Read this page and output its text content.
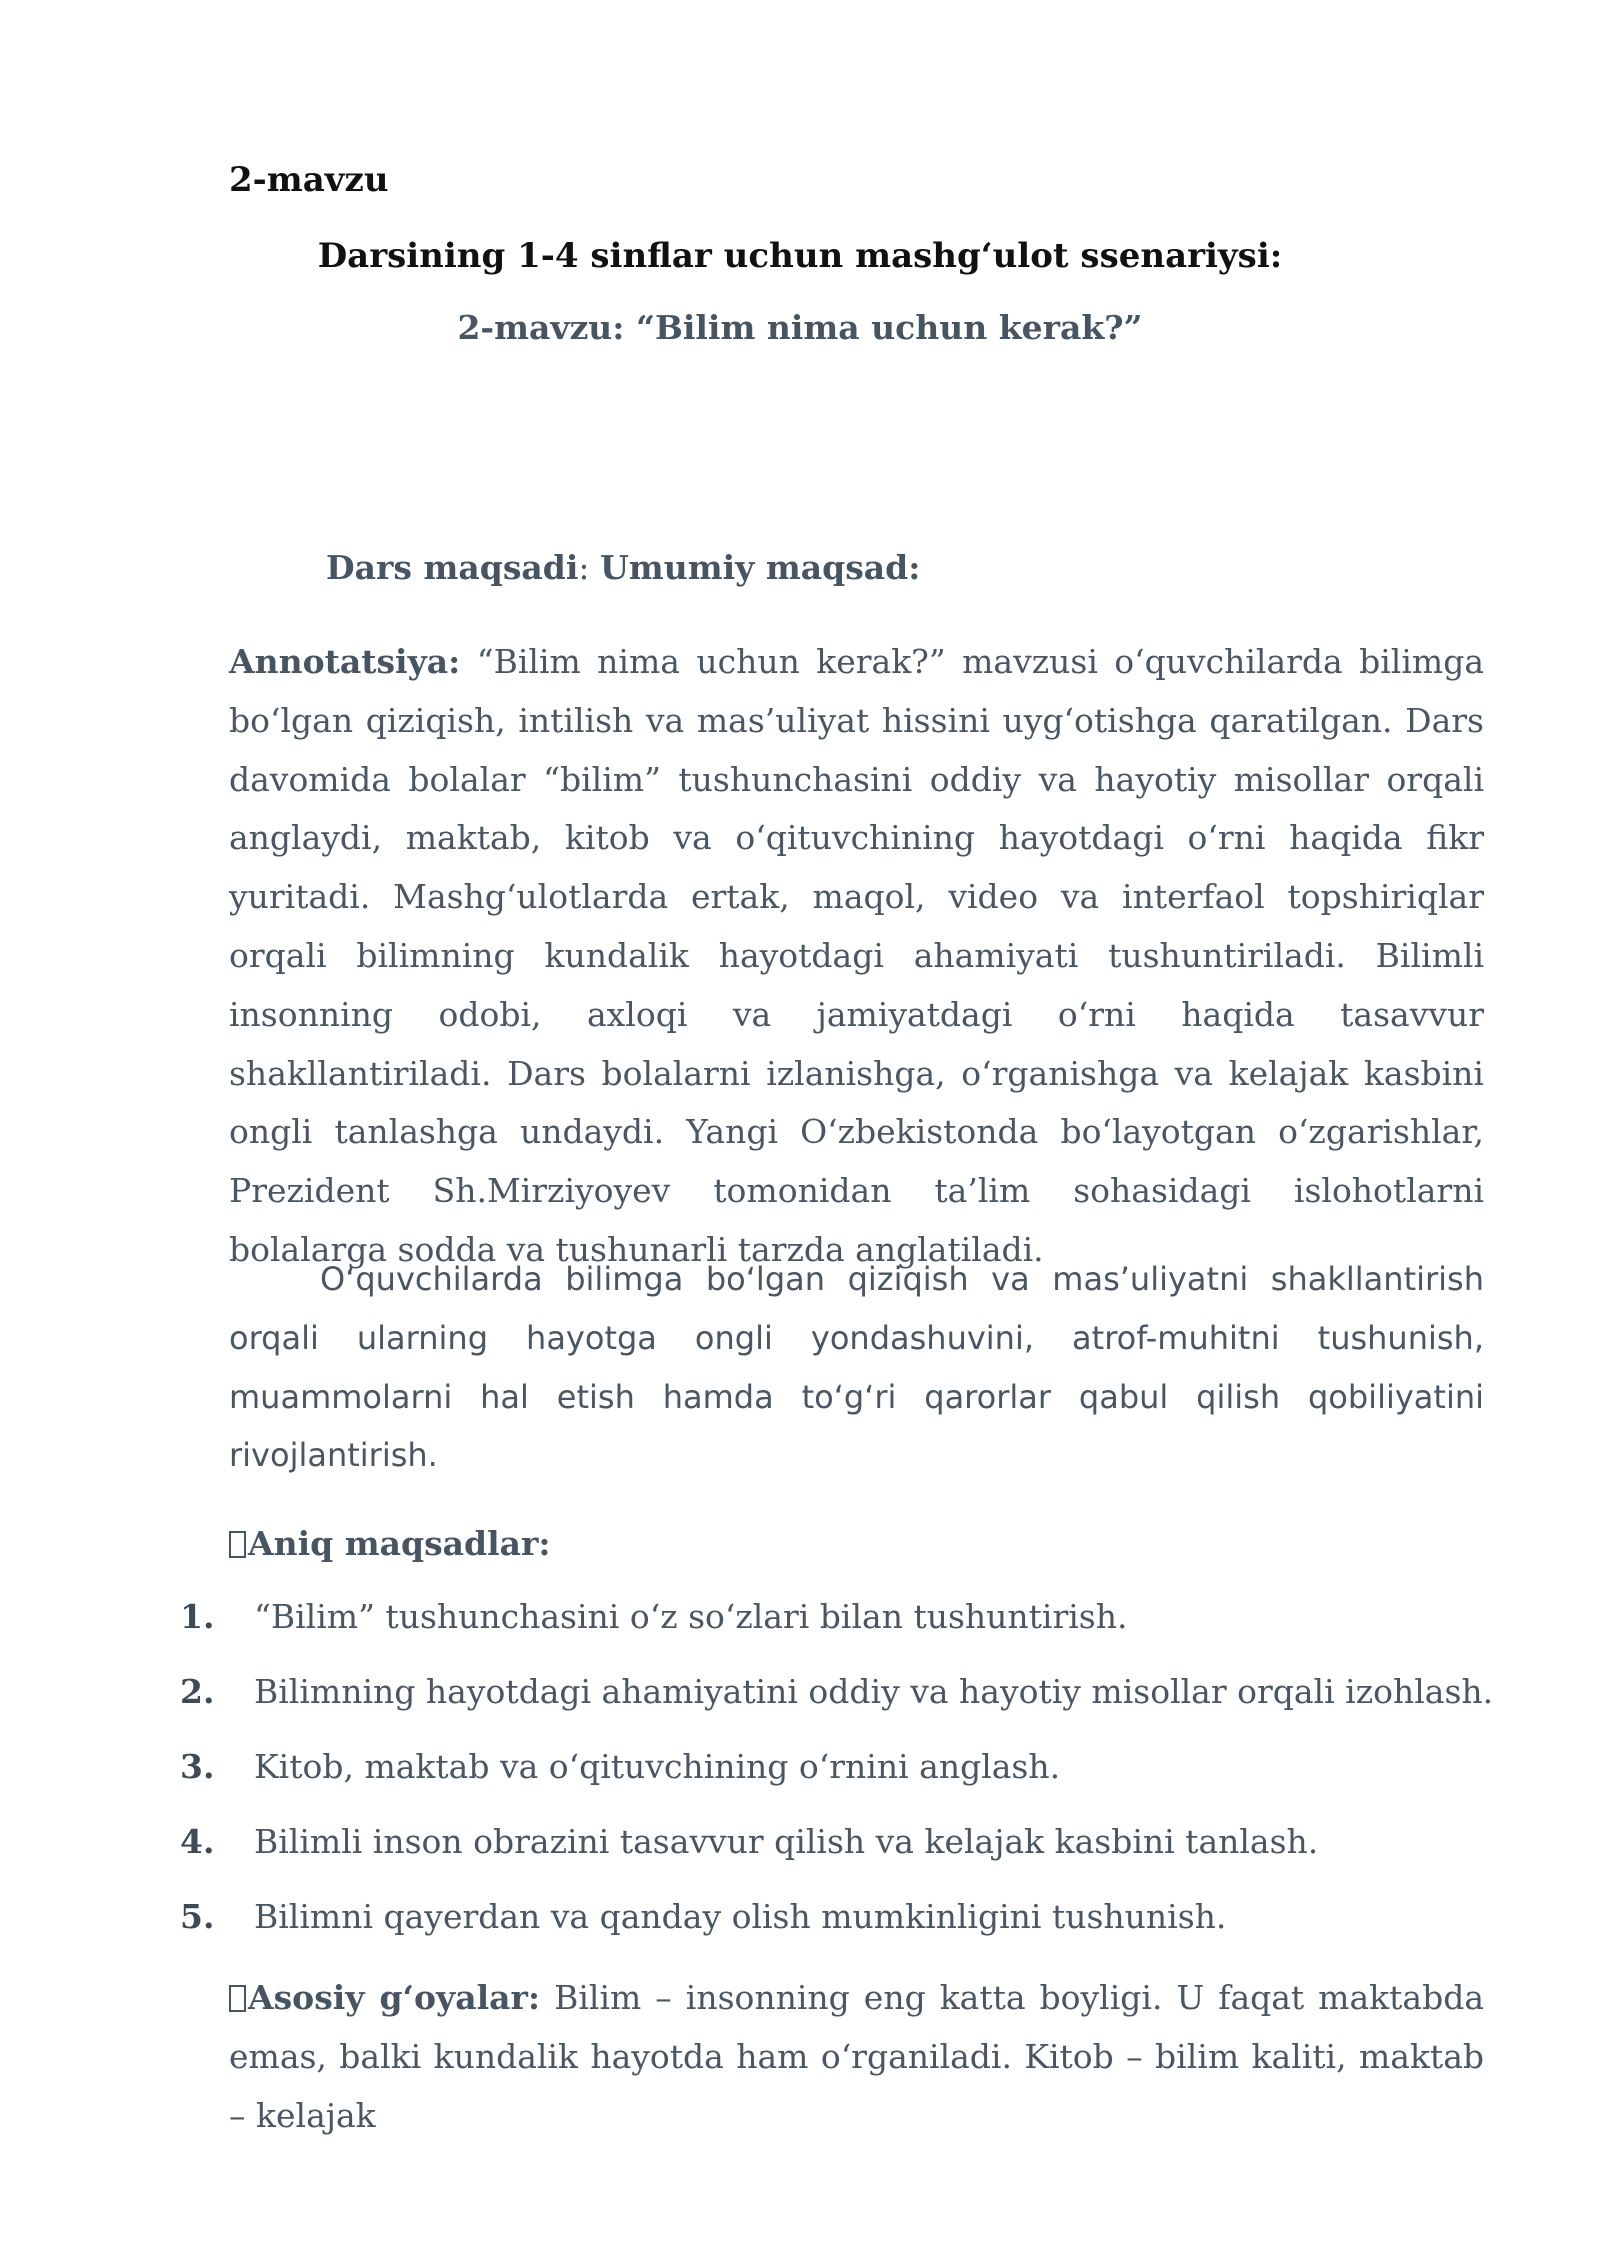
2-mavzu
Darsining 1-4 sinflar uchun mashg‘ulot ssenariysi:
2-mavzu: “Bilim nima uchun kerak?”
Dars maqsadi: Umumiy maqsad:

Annotatsiya: “Bilim nima uchun kerak?” mavzusi o‘quvchilarda bilimga bo‘lgan qiziqish, intilish va mas’uliyat hissini uyg‘otishga qaratilgan. Dars davomida bolalar “bilim” tushunchasini oddiy va hayotiy misollar orqali anglaydi, maktab, kitob va o‘qituvchining hayotdagi o‘rni haqida fikr yuritadi. Mashg‘ulotlarda ertak, maqol, video va interfaol topshiriqlar orqali bilimning kundalik hayotdagi ahamiyati tushuntiriladi. Bilimli insonning odobi, axloqi va jamiyatdagi o‘rni haqida tasavvur shakllantiriladi. Dars bolalarni izlanishga, o‘rganishga va kelajak kasbini ongli tanlashga undaydi. Yangi O‘zbekistonda bo‘layotgan o‘zgarishlar, Prezident Sh.Mirziyoyev tomonidan ta’lim sohasidagi islohotlarni bolalarga sodda va tushunarli tarzda anglatiladi.

O‘quvchilarda bilimga bo‘lgan qiziqish va mas’uliyatni shakllantirish orqali ularning hayotga ongli yondashuvini, atrof-muhitni tushunish, muammolarni hal etish hamda to‘g‘ri qarorlar qabul qilish qobiliyatini rivojlantirish.

Aniq maqsadlar:
1. “Bilim” tushunchasini o‘z so‘zlari bilan tushuntirish.
2. Bilimning hayotdagi ahamiyatini oddiy va hayotiy misollar orqali izohlash.
3. Kitob, maktab va o‘qituvchining o‘rnini anglash.
4. Bilimli inson obrazini tasavvur qilish va kelajak kasbini tanlash.
5. Bilimni qayerdan va qanday olish mumkinligini tushunish.

Asosiy g‘oyalar: Bilim – insonning eng katta boyligi. U faqat maktabda emas, balki kundalik hayotda ham o‘rganiladi. Kitob – bilim kaliti, maktab – kelajak
